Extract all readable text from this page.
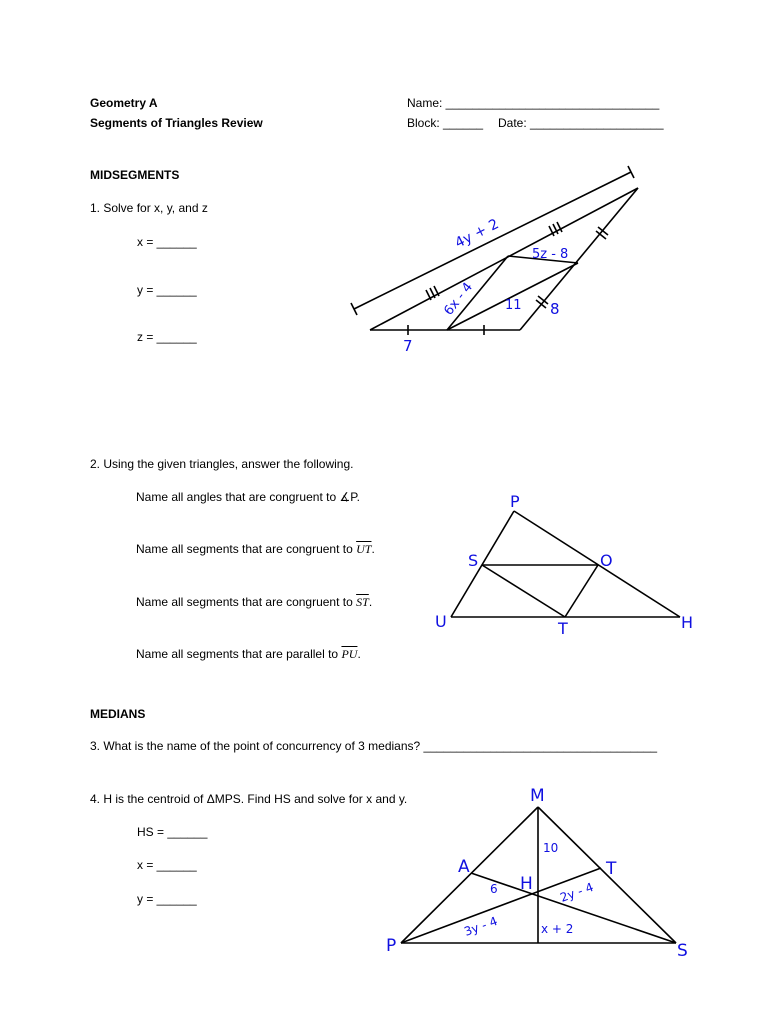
Geometry A
Segments of Triangles Review
Name: ________________________________
Block: ______ Date: ____________________
MIDSEGMENTS
1. Solve for x, y, and z
x = ______
y = ______
z = ______
4y + 2
5z - 8
6x - 4 11 8
7
2. Using the given triangles, answer the following.
Name all angles that are congruent to ∡P.
Name all segments that are congruent to $\overline{UT}$.
Name all segments that are congruent to $\overline{ST}$.
Name all segments that are parallel to $\overline{PU}$.
P
S	O
U	T	H
MEDIANS
3. What is the name of the point of concurrency of 3 medians? ___________________________________
4. H is the centroid of ΔMPS. Find HS and solve for x and y.
HS = ______
x = ______
y = ______
M
A	T
H
P	S
10
6	2y - 4
3y - 4	x + 2
